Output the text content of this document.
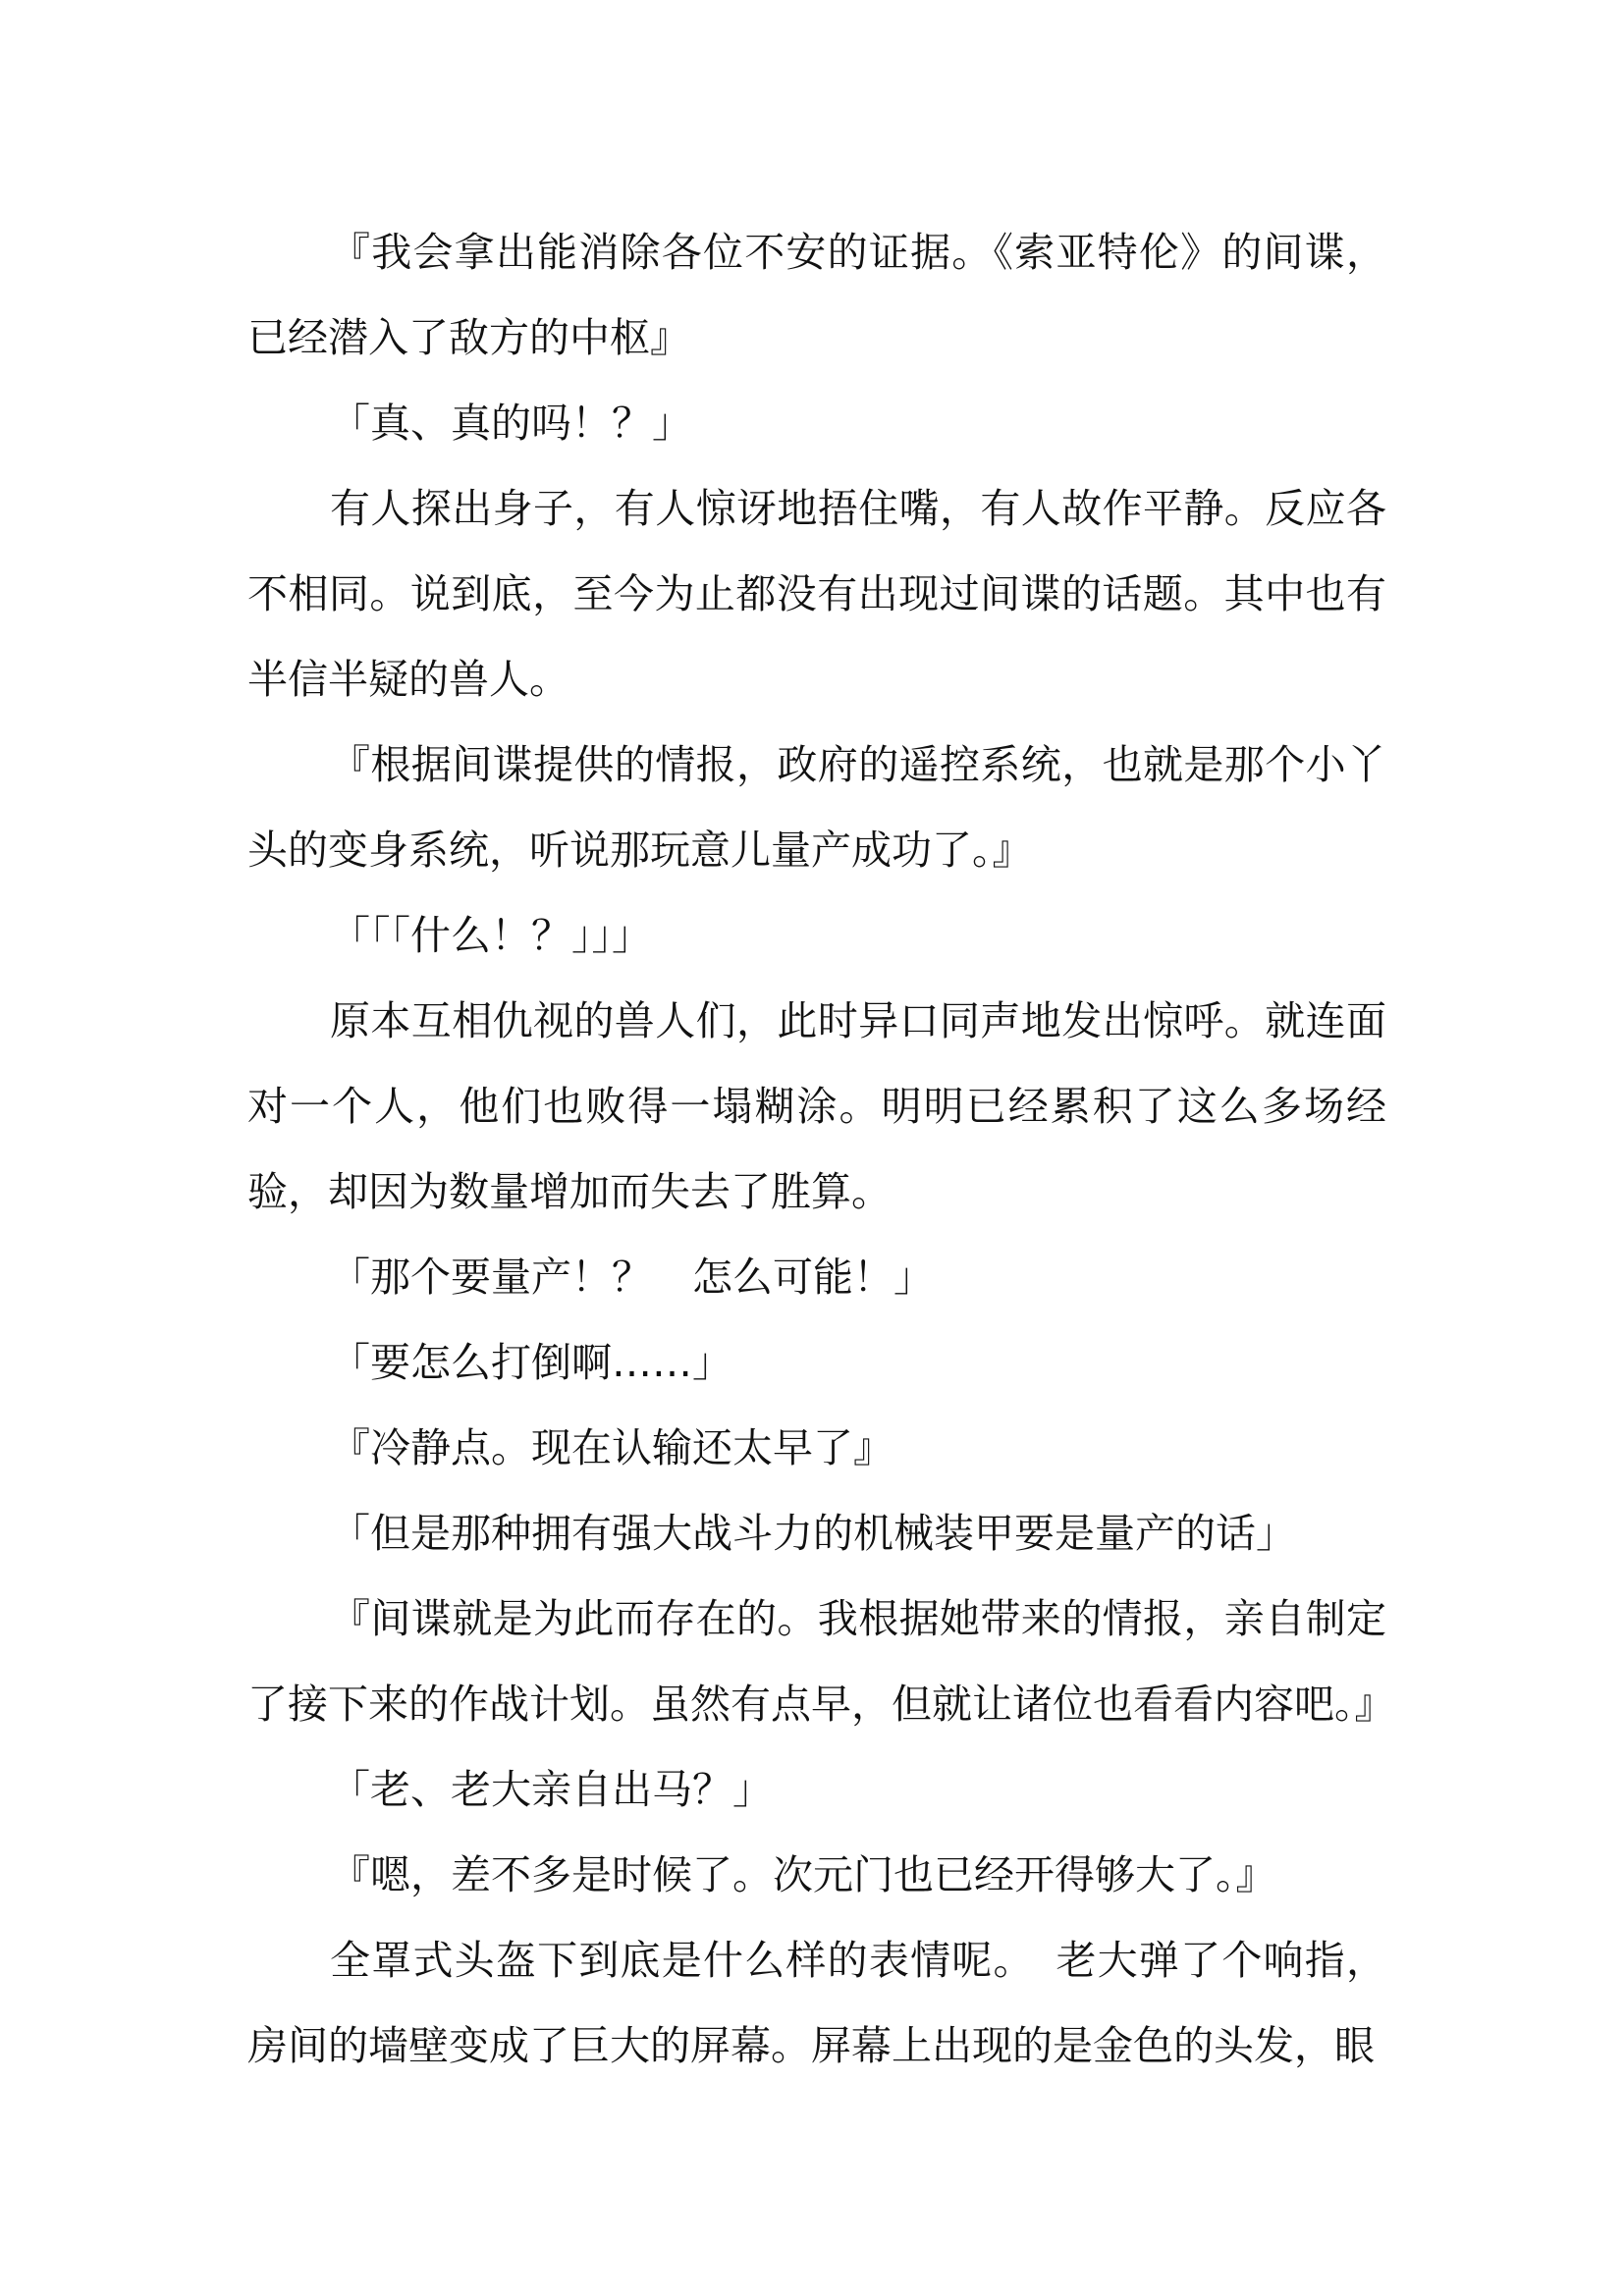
『我会拿出能消除各位不安的证据。《索亚特伦》的间谍，已经潜入了敌方的中枢』

「真、真的吗！？」

有人探出身子，有人惊讶地捂住嘴，有人故作平静。反应各不相同。说到底，至今为止都没有出现过间谍的话题。其中也有半信半疑的兽人。

『根据间谍提供的情报，政府的遥控系统，也就是那个小丫头的变身系统，听说那玩意儿量产成功了。』

「「「什么！？」」」

原本互相仇视的兽人们，此时异口同声地发出惊呼。就连面对一个人，他们也败得一塌糊涂。明明已经累积了这么多场经验，却因为数量增加而失去了胜算。

「那个要量产！？　怎么可能！」

「要怎么打倒啊……」

『冷静点。现在认输还太早了』

「但是那种拥有强大战斗力的机械装甲要是量产的话」

『间谍就是为此而存在的。我根据她带来的情报，亲自制定了接下来的作战计划。虽然有点早，但就让诸位也看看内容吧。』

「老、老大亲自出马？」

『嗯，差不多是时候了。次元门也已经开得够大了。』

全罩式头盔下到底是什么样的表情呢。　老大弹了个响指，房间的墙壁变成了巨大的屏幕。屏幕上出现的是金色的头发，眼
